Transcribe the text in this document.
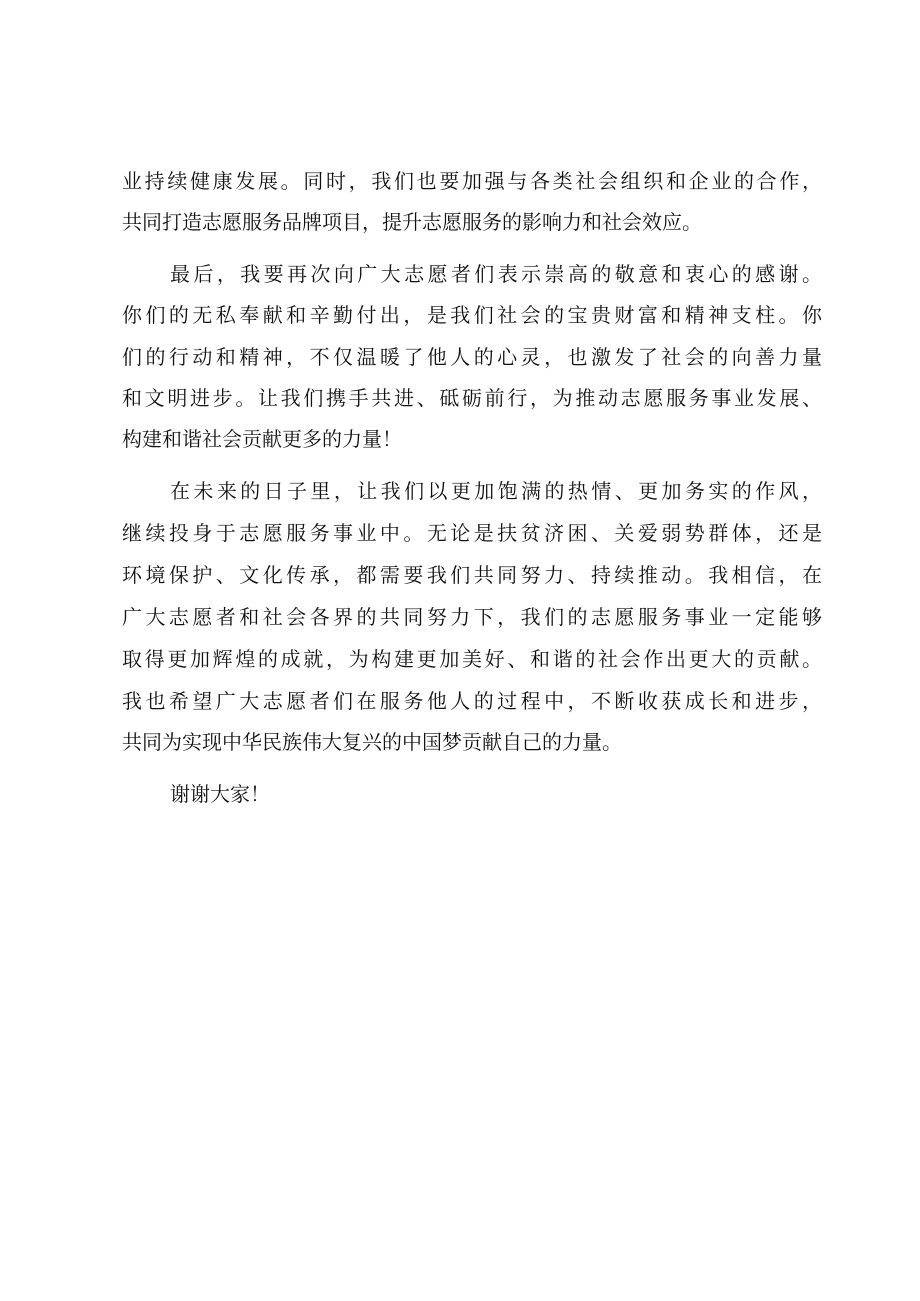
业持续健康发展。同时，我们也要加强与各类社会组织和企业的合作，
共同打造志愿服务品牌项目，提升志愿服务的影响力和社会效应。
最后，我要再次向广大志愿者们表示崇高的敬意和衷心的感谢。
你们的无私奉献和辛勤付出，是我们社会的宝贵财富和精神支柱。你
们的行动和精神，不仅温暖了他人的心灵，也激发了社会的向善力量
和文明进步。让我们携手共进、砥砺前行，为推动志愿服务事业发展、
构建和谐社会贡献更多的力量！
在未来的日子里，让我们以更加饱满的热情、更加务实的作风，
继续投身于志愿服务事业中。无论是扶贫济困、关爱弱势群体，还是
环境保护、文化传承，都需要我们共同努力、持续推动。我相信，在
广大志愿者和社会各界的共同努力下，我们的志愿服务事业一定能够
取得更加辉煌的成就，为构建更加美好、和谐的社会作出更大的贡献。
我也希望广大志愿者们在服务他人的过程中，不断收获成长和进步，
共同为实现中华民族伟大复兴的中国梦贡献自己的力量。
谢谢大家！
